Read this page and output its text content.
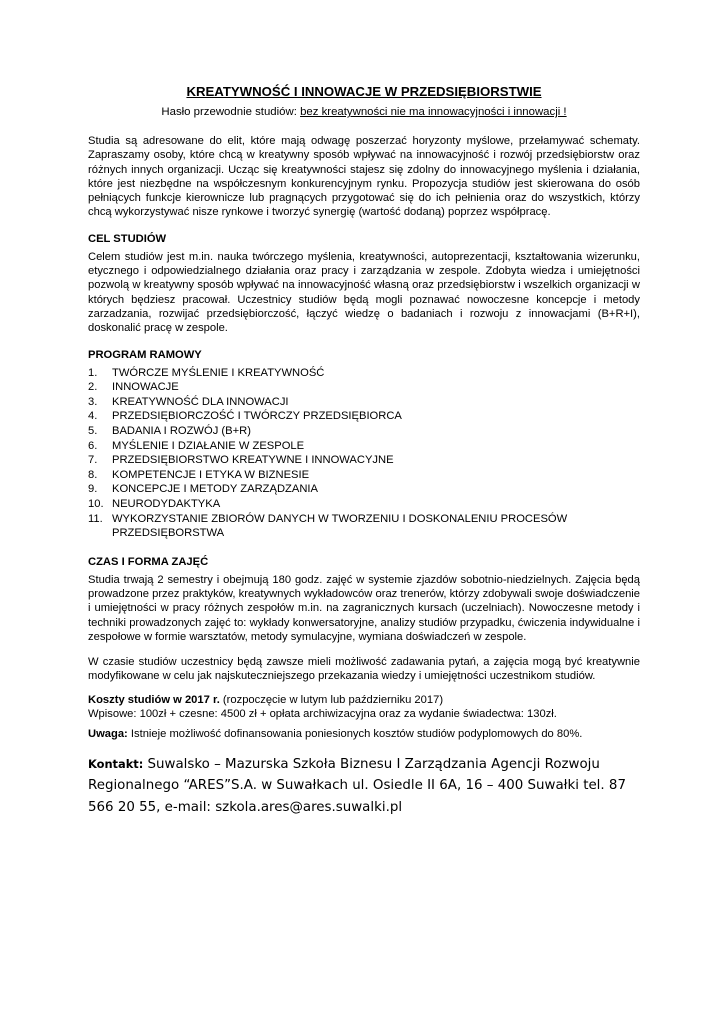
KREATYWNOŚĆ I INNOWACJE W PRZEDSIĘBIORSTWIE
Hasło przewodnie studiów: bez kreatywności nie ma innowacyjności i innowacji !

Studia są adresowane do elit, które mają odwagę poszerzać horyzonty myślowe, przełamywać schematy. Zapraszamy osoby, które chcą w kreatywny sposób wpływać na innowacyjność i rozwój przedsiębiorstw oraz różnych innych organizacji. Ucząc się kreatywności stajesz się zdolny do innowacyjnego myślenia i działania, które jest niezbędne na współczesnym konkurencyjnym rynku. Propozycja studiów jest skierowana do osób pełniących funkcje kierownicze lub pragnących przygotować się do ich pełnienia oraz do wszystkich, którzy chcą wykorzystywać nisze rynkowe i tworzyć synergię (wartość dodaną) poprzez współpracę.

CEL STUDIÓW

Celem studiów jest m.in. nauka twórczego myślenia, kreatywności, autoprezentacji, kształtowania wizerunku, etycznego i odpowiedzialnego działania oraz pracy i zarządzania w zespole. Zdobyta wiedza i umiejętności pozwolą w kreatywny sposób wpływać na innowacyjność własną oraz przedsiębiorstw i wszelkich organizacji w których będziesz pracował. Uczestnicy studiów będą mogli poznawać nowoczesne koncepcje i metody zarzadzania, rozwijać przedsiębiorczość, łączyć wiedzę o badaniach i rozwoju z innowacjami (B+R+I), doskonalić pracę w zespole.

PROGRAM RAMOWY
1.	TWÓRCZE MYŚLENIE I KREATYWNOŚĆ
2.	INNOWACJE
3.	KREATYWNOŚĆ DLA INNOWACJI
4.	PRZEDSIĘBIORCZOŚĆ I TWÓRCZY PRZEDSIĘBIORCA
5.	BADANIA I ROZWÓJ (B+R)
6.	MYŚLENIE I DZIAŁANIE W ZESPOLE
7.	PRZEDSIĘBIORSTWO KREATYWNE I INNOWACYJNE
8.	KOMPETENCJE I ETYKA W BIZNESIE
9.	KONCEPCJE I METODY ZARZĄDZANIA
10. NEURODYDAKTYKA
11. WYKORZYSTANIE ZBIORÓW DANYCH W TWORZENIU I DOSKONALENIU PROCESÓW PRZEDSIĘBORSTWA
CZAS I FORMA ZAJĘĆ

Studia trwają 2 semestry i obejmują 180 godz. zajęć w systemie zjazdów sobotnio-niedzielnych. Zajęcia będą prowadzone przez praktyków, kreatywnych wykładowców oraz trenerów, którzy zdobywali swoje doświadczenie i umiejętności w pracy różnych zespołów m.in. na zagranicznych kursach (uczelniach). Nowoczesne metody i techniki prowadzonych zajęć to: wykłady konwersatoryjne, analizy studiów przypadku, ćwiczenia indywidualne i zespołowe w formie warsztatów, metody symulacyjne, wymiana doświadczeń w zespole.

W czasie studiów uczestnicy będą zawsze mieli możliwość zadawania pytań, a zajęcia mogą być kreatywnie modyfikowane w celu jak najskuteczniejszego przekazania wiedzy i umiejętności uczestnikom studiów.

Koszty studiów w 2017 r. (rozpoczęcie w lutym lub październiku 2017)
Wpisowe: 100zł + czesne: 4500 zł + opłata archiwizacyjna oraz za wydanie świadectwa: 130zł.
Uwaga: Istnieje możliwość dofinansowania poniesionych kosztów studiów podyplomowych do 80%.
Kontakt: Suwalsko – Mazurska Szkoła Biznesu I Zarządzania Agencji Rozwoju Regionalnego “ARES”S.A. w Suwałkach ul. Osiedle II 6A, 16 – 400 Suwałki tel. 87 566 20 55, e-mail: szkola.ares@ares.suwalki.pl
